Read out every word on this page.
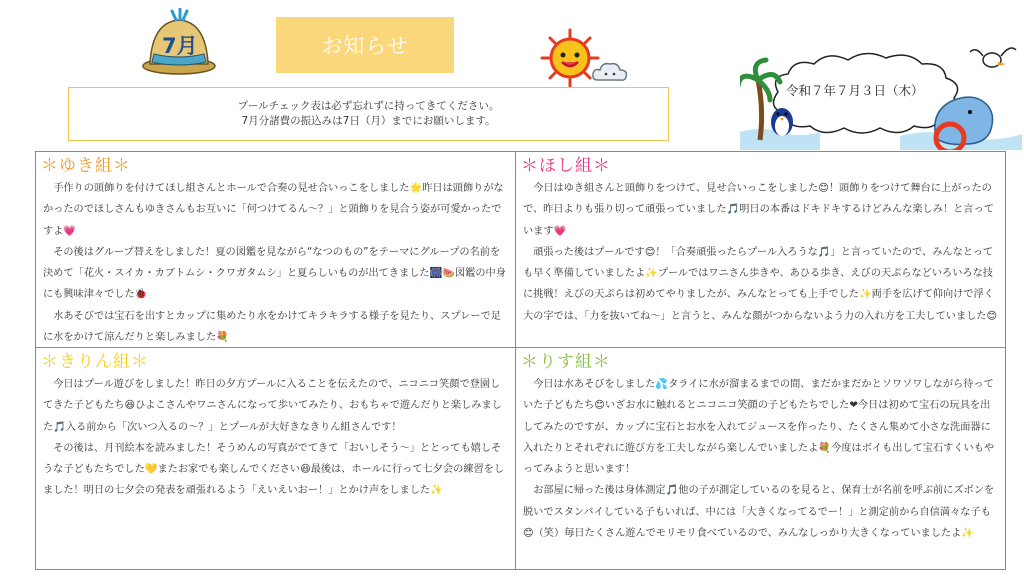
7月	お知らせ
プールチェック表は必ず忘れずに持ってきてください。
7月分諸費の振込みは7日（月）までにお願いします。
令和７年７月３日（木）
＊ゆき組＊

手作りの頭飾りを付けてほし組さんとホールで合奏の見せ合いっこをしました🌟昨日は頭飾りがなかったのでほしさんもゆきさんもお互いに「何つけてるん～？」と頭飾りを見合う姿が可愛かったですよ💗

その後はグループ替えをしました！夏の図鑑を見ながら“なつのもの”をテーマにグループの名前を決めて「花火・スイカ・カブトムシ・クワガタムシ」と夏らしいものが出てきました🎆🍉図鑑の中身にも興味津々でした🐞

水あそびでは宝石を出すとカップに集めたり水をかけてキラキラする様子を見たり、スプレーで足に水をかけて涼んだりと楽しみました💐

＊ほし組＊

今日はゆき組さんと頭飾りをつけて、見せ合いっこをしました😊！頭飾りをつけて舞台に上がったので、昨日よりも張り切って頑張っていました🎵明日の本番はドキドキするけどみんな楽しみ！と言っています💗

頑張った後はプールです😊！「合奏頑張ったらプール入ろうな🎵」と言っていたので、みんなとっても早く準備していましたよ✨プールではワニさん歩きや、あひる歩き、えびの天ぷらなどいろいろな技に挑戦！えびの天ぷらは初めてやりましたが、みんなとっても上手でした✨両手を広げて仰向けで浮く大の字では、「力を抜いてね～」と言うと、みんな顔がつからないよう力の入れ方を工夫していました😊

＊きりん組＊

今日はプール遊びをしました！昨日の夕方プールに入ることを伝えたので、ニコニコ笑顔で登園してきた子どもたち😆ひよこさんやワニさんになって歩いてみたり、おもちゃで遊んだりと楽しみました🎵入る前から「次いつ入るの～？」とプールが大好きなきりん組さんです！

その後は、月刊絵本を読みました！そうめんの写真がでてきて「おいしそう～」ととっても嬉しそうな子どもたちでした💛またお家でも楽しんでください😆最後は、ホールに行って七夕会の練習をしました！明日の七夕会の発表を頑張れるよう「えいえいおー！」とかけ声をしました✨

＊りす組＊

今日は水あそびをしました💦タライに水が溜まるまでの間、まだかまだかとソワソワしながら待っていた子どもたち😊いざお水に触れるとニコニコ笑顔の子どもたちでした❤今日は初めて宝石の玩具を出してみたのですが、カップに宝石とお水を入れてジュースを作ったり、たくさん集めて小さな洗面器に入れたりとそれぞれに遊び方を工夫しながら楽しんでいましたよ💐今度はボイも出して宝石すくいもやってみようと思います！

お部屋に帰った後は身体測定🎵他の子が測定しているのを見ると、保育士が名前を呼ぶ前にズボンを脱いでスタンバイしている子もいれば、中には「大きくなってるでー！」と測定前から自信満々な子も😊（笑）毎日たくさん遊んでモリモリ食べているので、みんなしっかり大きくなっていましたよ✨
